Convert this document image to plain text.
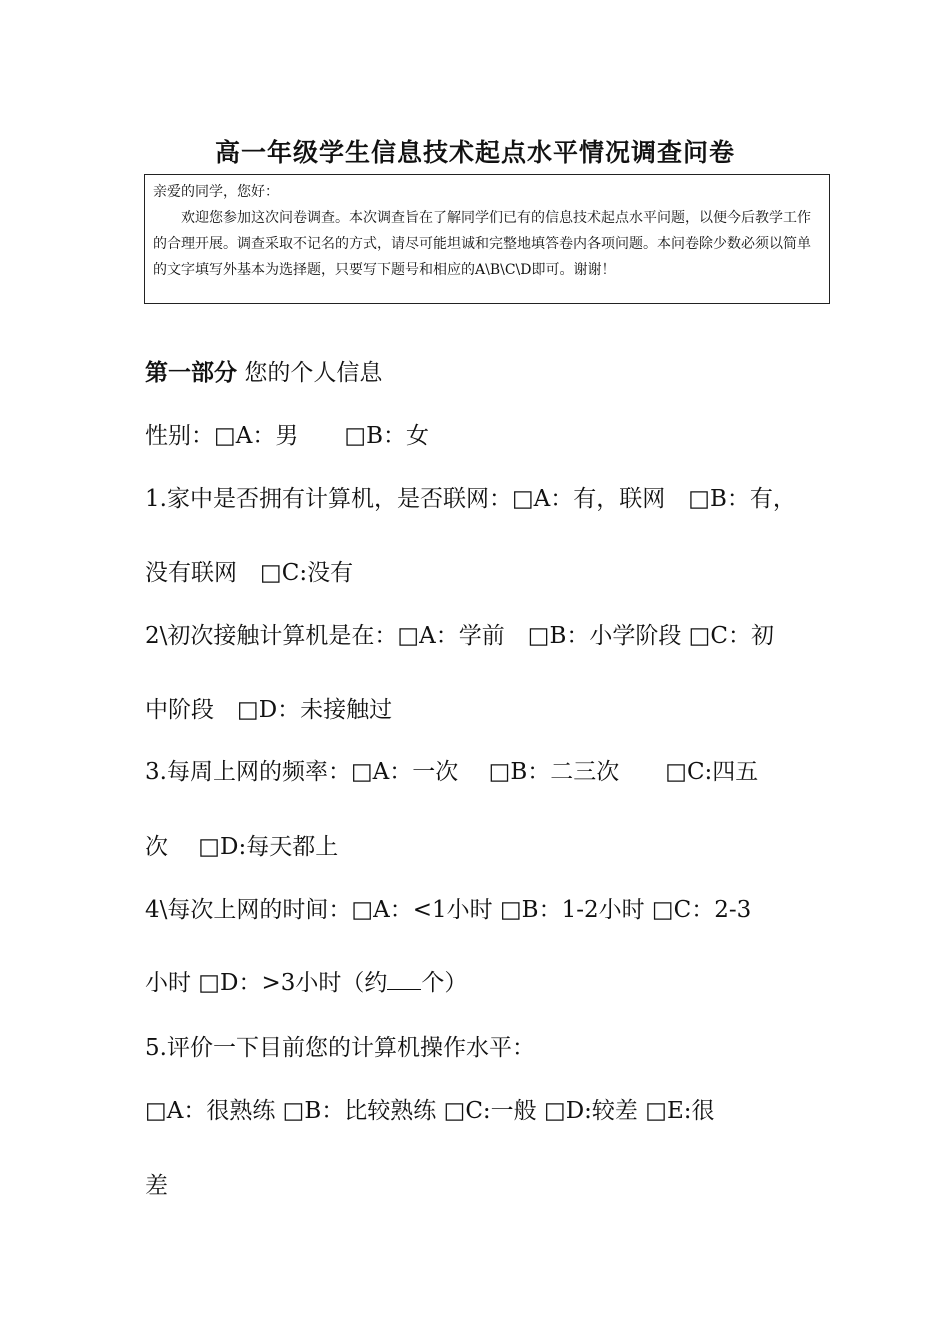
高一年级学生信息技术起点水平情况调查问卷

亲爱的同学，您好：

欢迎您参加这次问卷调查。本次调查旨在了解同学们已有的信息技术起点水平问题，以便今后教学工作的合理开展。调查采取不记名的方式，请尽可能坦诚和完整地填答卷内各项问题。本问卷除少数必须以简单的文字填写外基本为选择题，只要写下题号和相应的A\B\C\D即可。谢谢！

第一部分 您的个人信息
性别：□A：男　　□B：女
1.家中是否拥有计算机，是否联网：□A：有，联网　□B：有，
没有联网　□C:没有
2\初次接触计算机是在：□A：学前　□B：小学阶段 □C：初
中阶段　□D：未接触过
3.每周上网的频率：□A：一次　 □B：二三次　　□C:四五
次　 □D:每天都上
4\每次上网的时间：□A：<1小时 □B：1-2小时 □C：2-3
小时 □D：>3小时（约 个）
5.评价一下目前您的计算机操作水平：
□A：很熟练 □B：比较熟练 □C:一般 □D:较差 □E:很
差
